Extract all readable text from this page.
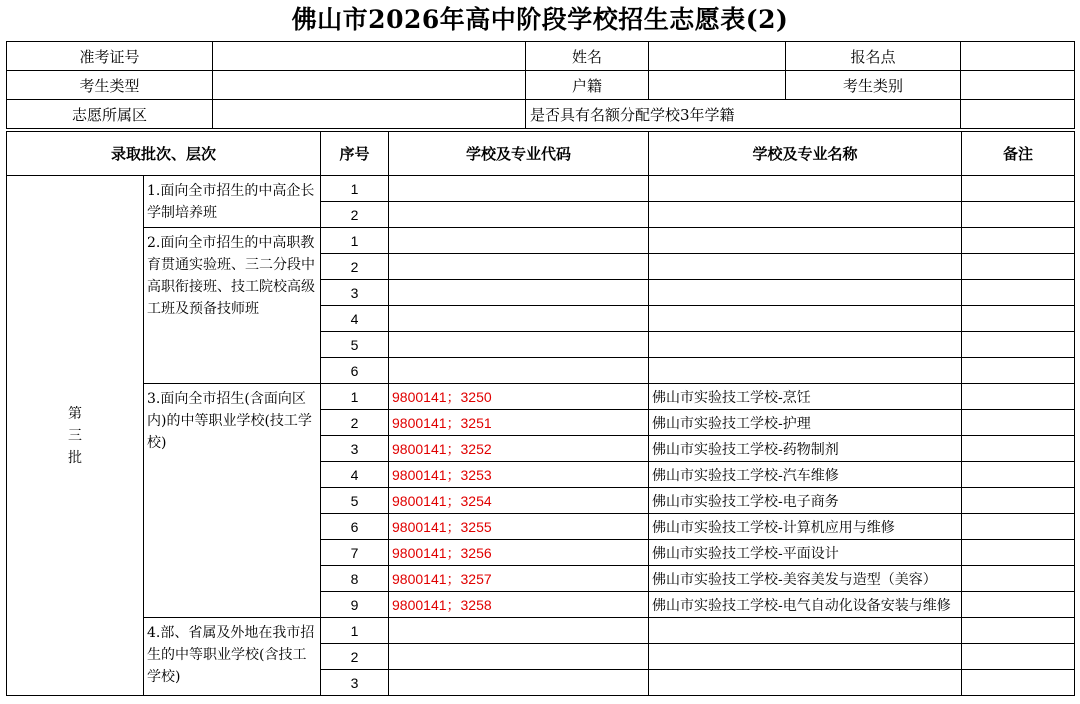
佛山市2026年高中阶段学校招生志愿表(2)
准考证号		姓名		报名点	
考生类型		户籍		考生类别	
志愿所属区		是否具有名额分配学校3年学籍			
录取批次、层次		序号	学校及专业代码	学校及专业名称	备注

第三批	1.面向全市招生的中高企长学制培养班	1			
		2			
	2.面向全市招生的中高职教育贯通实验班、三二分段中高职衔接班、技工院校高级工班及预备技师班	1			
		2			
		3			
		4			
		5			
		6			
	3.面向全市招生(含面向区内)的中等职业学校(技工学校)	1	9800141；3250	佛山市实验技工学校-烹饪	
		2	9800141；3251	佛山市实验技工学校-护理	
		3	9800141；3252	佛山市实验技工学校-药物制剂	
		4	9800141；3253	佛山市实验技工学校-汽车维修	
		5	9800141；3254	佛山市实验技工学校-电子商务	
		6	9800141；3255	佛山市实验技工学校-计算机应用与维修	
		7	9800141；3256	佛山市实验技工学校-平面设计	
		8	9800141；3257	佛山市实验技工学校-美容美发与造型（美容）	
		9	9800141；3258	佛山市实验技工学校-电气自动化设备安装与维修	
	4.部、省属及外地在我市招生的中等职业学校(含技工学校)	1			
		2			
		3			
